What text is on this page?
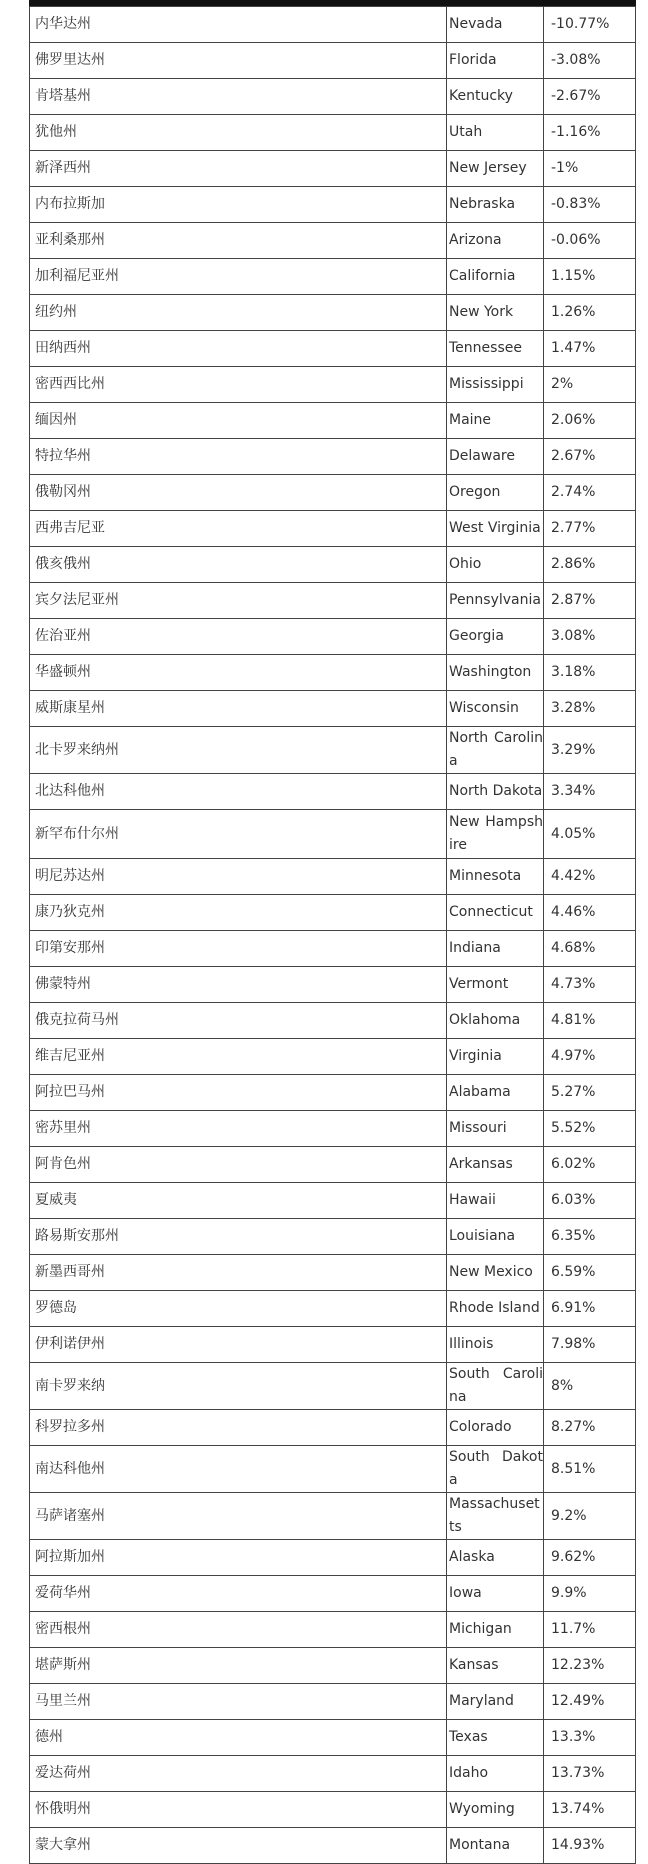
内华达州	Nevada	-10.77%
佛罗里达州	Florida	-3.08%
肯塔基州	Kentucky	-2.67%
犹他州	Utah	-1.16%
新泽西州	New Jersey	-1%
内布拉斯加	Nebraska	-0.83%
亚利桑那州	Arizona	-0.06%
加利福尼亚州	California	1.15%
纽约州	New York	1.26%
田纳西州	Tennessee	1.47%
密西西比州	Mississippi	2%
缅因州	Maine	2.06%
特拉华州	Delaware	2.67%
俄勒冈州	Oregon	2.74%
西弗吉尼亚	West Virginia	2.77%
俄亥俄州	Ohio	2.86%
宾夕法尼亚州	Pennsylvania	2.87%
佐治亚州	Georgia	3.08%
华盛顿州	Washington	3.18%
威斯康星州	Wisconsin	3.28%
北卡罗来纳州	North Carolina	3.29%
北达科他州	North Dakota	3.34%
新罕布什尔州	New Hampshire	4.05%
明尼苏达州	Minnesota	4.42%
康乃狄克州	Connecticut	4.46%
印第安那州	Indiana	4.68%
佛蒙特州	Vermont	4.73%
俄克拉荷马州	Oklahoma	4.81%
维吉尼亚州	Virginia	4.97%
阿拉巴马州	Alabama	5.27%
密苏里州	Missouri	5.52%
阿肯色州	Arkansas	6.02%
夏威夷	Hawaii	6.03%
路易斯安那州	Louisiana	6.35%
新墨西哥州	New Mexico	6.59%
罗德岛	Rhode Island	6.91%
伊利诺伊州	Illinois	7.98%
南卡罗来纳	South Carolina	8%
科罗拉多州	Colorado	8.27%
南达科他州	South Dakota	8.51%
马萨诸塞州	Massachusetts	9.2%
阿拉斯加州	Alaska	9.62%
爱荷华州	Iowa	9.9%
密西根州	Michigan	11.7%
堪萨斯州	Kansas	12.23%
马里兰州	Maryland	12.49%
德州	Texas	13.3%
爱达荷州	Idaho	13.73%
怀俄明州	Wyoming	13.74%
蒙大拿州	Montana	14.93%
